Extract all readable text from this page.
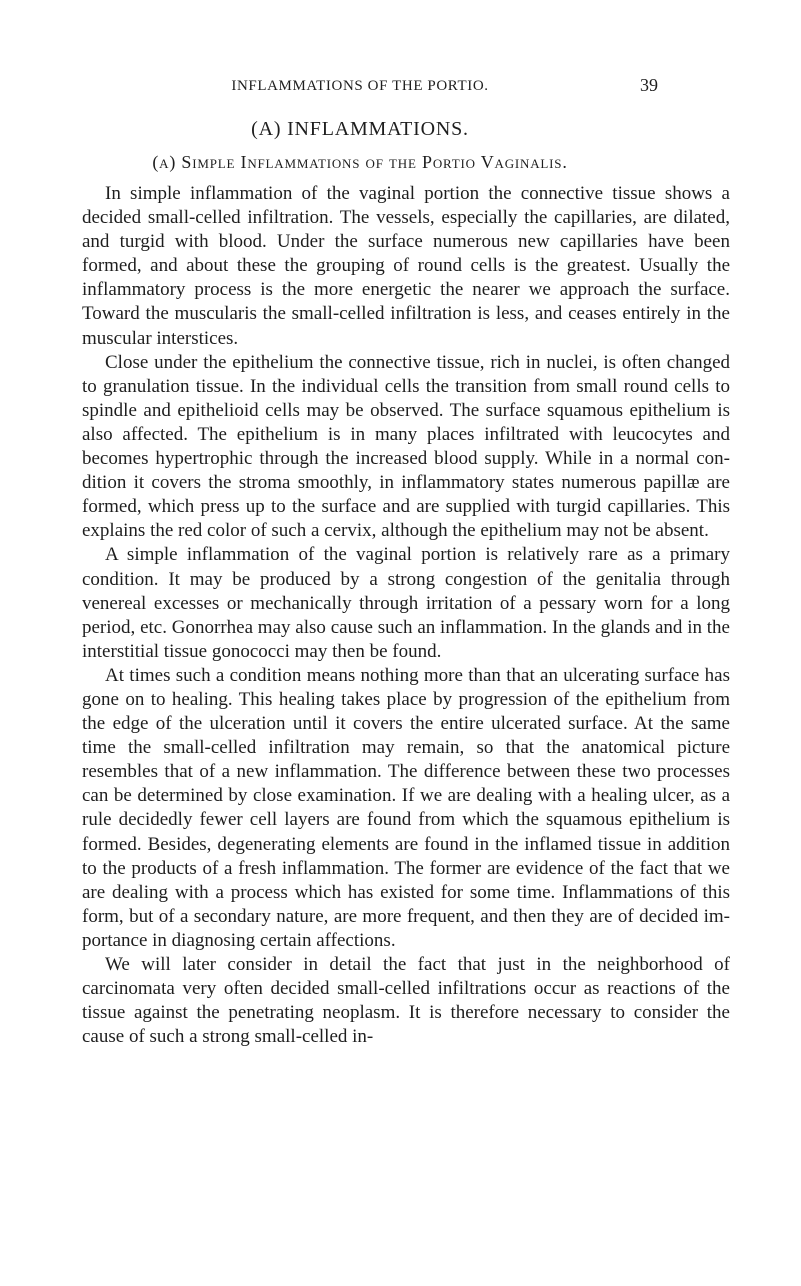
INFLAMMATIONS OF THE PORTIO.	39
(A) INFLAMMATIONS.
(a) Simple Inflammations of the Portio Vaginalis.

In simple inflammation of the vaginal portion the connective tissue shows a decided small-celled infiltration. The vessels, especially the capillaries, are dilated, and turgid with blood. Under the surface numerous new capillaries have been formed, and about these the grouping of round cells is the greatest. Usually the inflammatory process is the more energetic the nearer we approach the surface. Toward the muscularis the small-celled infiltration is less, and ceases entirely in the muscular interstices.

Close under the epithelium the connective tissue, rich in nuclei, is often changed to granulation tissue. In the individual cells the transition from small round cells to spindle and epithelioid cells may be observed. The surface squamous epithelium is also affected. The epithelium is in many places infiltrated with leucocytes and becomes hypertrophic through the increased blood supply. While in a normal condition it covers the stroma smoothly, in inflammatory states numerous papillæ are formed, which press up to the surface and are supplied with turgid capillaries. This explains the red color of such a cervix, although the epithelium may not be absent.

A simple inflammation of the vaginal portion is relatively rare as a primary condition. It may be produced by a strong congestion of the genitalia through venereal excesses or mechanically through irritation of a pessary worn for a long period, etc. Gonorrhea may also cause such an inflammation. In the glands and in the interstitial tissue gonococci may then be found.

At times such a condition means nothing more than that an ulcerating surface has gone on to healing. This healing takes place by progression of the epithelium from the edge of the ulceration until it covers the entire ulcerated surface. At the same time the small-celled infiltration may remain, so that the anatomical picture resembles that of a new inflammation. The difference between these two processes can be determined by close examination. If we are dealing with a healing ulcer, as a rule decidedly fewer cell layers are found from which the squamous epithelium is formed. Besides, degenerating elements are found in the inflamed tissue in addition to the products of a fresh inflammation. The former are evidence of the fact that we are dealing with a process which has existed for some time. Inflammations of this form, but of a secondary nature, are more frequent, and then they are of decided importance in diagnosing certain affections.

We will later consider in detail the fact that just in the neighborhood of carcinomata very often decided small-celled infiltrations occur as reactions of the tissue against the penetrating neoplasm. It is therefore necessary to consider the cause of such a strong small-celled in-
